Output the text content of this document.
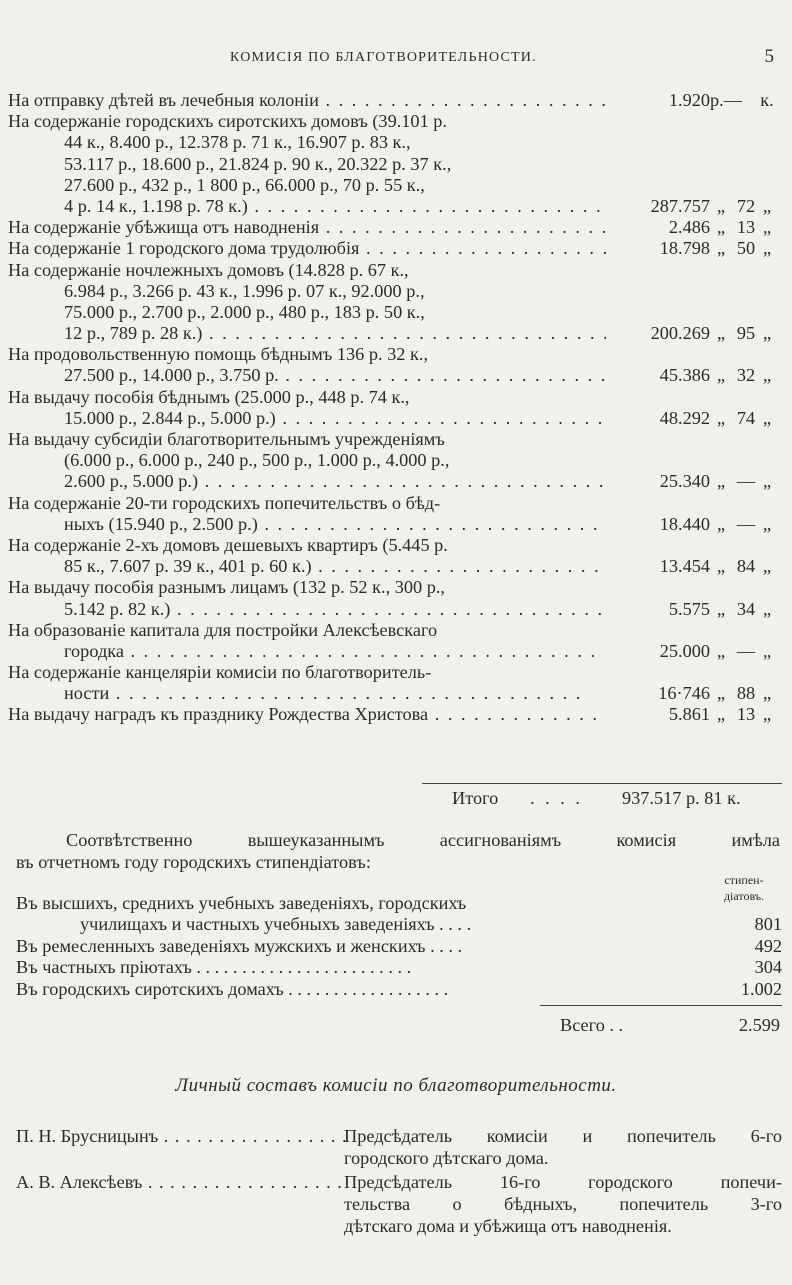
КОМИСІЯ ПО БЛАГОТВОРИТЕЛЬНОСТИ.	5
На отправку дѣтей въ лечебныя колоніи . . .	1.920р.— к.
На содержаніе городскихъ сиротскихъ домовъ (39.101 р.
44 к., 8.400 р., 12.378 р. 71 к., 16.907 р. 83 к.,
53.117 р., 18.600 р., 21.824 р. 90 к., 20.322 р. 37 к.,
27.600 р., 432 р., 1 800 р., 66.000 р., 70 р. 55 к.,
4 р. 14 к., 1.198 р. 78 к.) . . .	287.757 „ 72 „
На содержаніе убѣжища отъ наводненія . . .	2.486 „ 13 „
На содержаніе 1 городского дома трудолюбія . . .	18.798 „ 50 „
На содержаніе ночлежныхъ домовъ (14.828 р. 67 к.,
6.984 р., 3.266 р. 43 к., 1.996 р. 07 к., 92.000 р.,
75.000 р., 2.700 р., 2.000 р., 480 р., 183 р. 50 к.,
12 р., 789 р. 28 к.) . . .	200.269 „ 95 „
На продовольственную помощь бѣднымъ 136 р. 32 к.,
27.500 р., 14.000 р., 3.750 р. . . .	45.386 „ 32 „
На выдачу пособія бѣднымъ (25.000 р., 448 р. 74 к.,
15.000 р., 2.844 р., 5.000 р.) . . .	48.292 „ 74 „
На выдачу субсидіи благотворительнымъ учрежденіямъ
(6.000 р., 6.000 р., 240 р., 500 р., 1.000 р., 4.000 р.,
2.600 р., 5.000 р.) . . .	25.340 „ — „
На содержаніе 20-ти городскихъ попечительствъ о бѣд-
ныхъ (15.940 р., 2.500 р.) . . .	18.440 „ — „
На содержаніе 2-хъ домовъ дешевыхъ квартиръ (5.445 р.
85 к., 7.607 р. 39 к., 401 р. 60 к.) . . .	13.454 „ 84 „
На выдачу пособія разнымъ лицамъ (132 р. 52 к., 300 р.,
5.142 р. 82 к.) . . .	5.575 „ 34 „
На образованіе капитала для постройки Алексѣевскаго
городка . . .	25.000 „ — „
На содержаніе канцеляріи комисіи по благотворитель-
ности . . .	16·746 „ 88 „
На выдачу наградъ къ празднику Рождества Христова . . .	5.861 „ 13 „
Итого . . . . 937.517 р. 81 к.
Соотвѣтственно вышеуказаннымъ ассигнованіямъ комисія имѣла
въ отчетномъ году городскихъ стипендіатовъ:
стипен-
діатовъ.
Въ высшихъ, среднихъ учебныхъ заведеніяхъ, городскихъ
училищахъ и частныхъ учебныхъ заведеніяхъ . . . .	801
Въ ремесленныхъ заведеніяхъ мужскихъ и женскихъ . . . .	492
Въ частныхъ пріютахъ . . . . . . . . . . . . . . . . . . . . . . . .	304
Въ городскихъ сиротскихъ домахъ . . . . . . . . . . . . . . . . . .	1.002
Всего . .	2.599
Личный составъ комисіи по благотворительности.
П. Н. Брусницынъ . . .	Предсѣдатель комисіи и попечитель 6-го
городского дѣтскаго дома.
А. В. Алексѣевъ . . .	Предсѣдатель 16-го городского попечи-
тельства о бѣдныхъ, попечитель 3-го
дѣтскаго дома и убѣжища отъ наводненія.
